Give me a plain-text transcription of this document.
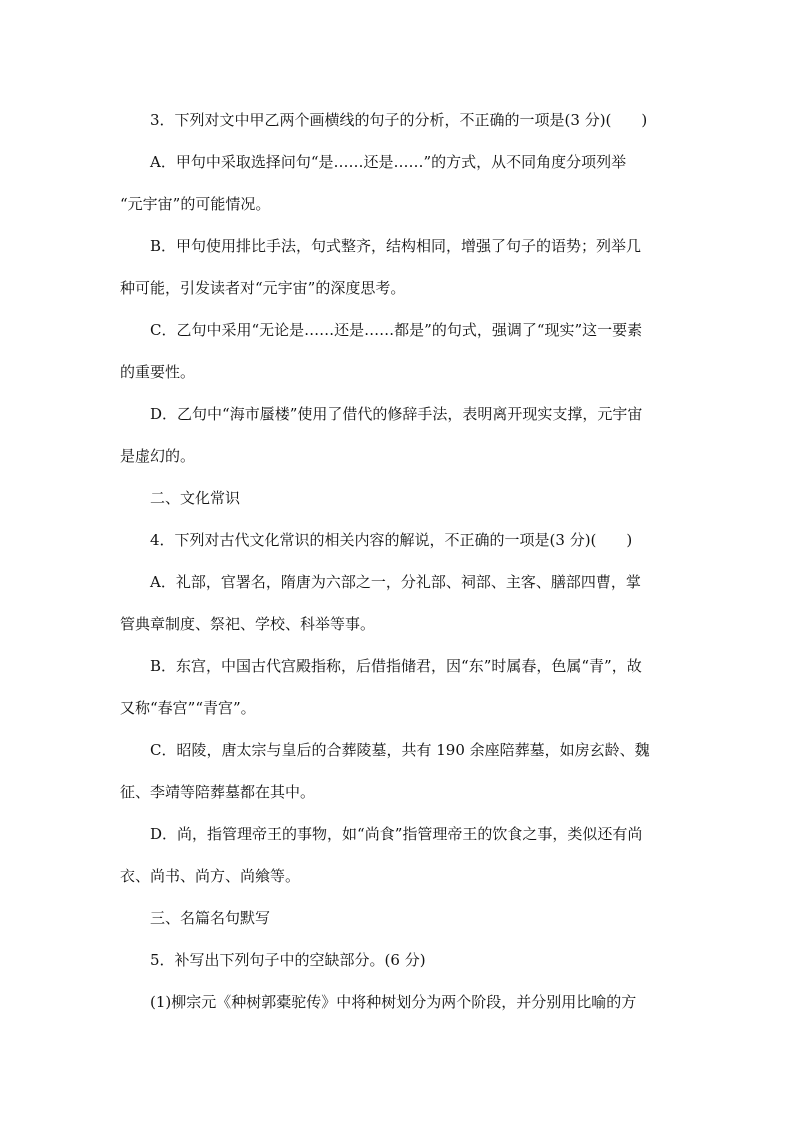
3．下列对文中甲乙两个画横线的句子的分析，不正确的一项是(3 分)(　　)
A．甲句中采取选择问句“是……还是……”的方式，从不同角度分项列举
“元宇宙”的可能情况。
B．甲句使用排比手法，句式整齐，结构相同，增强了句子的语势；列举几
种可能，引发读者对“元宇宙”的深度思考。
C．乙句中采用“无论是……还是……都是”的句式，强调了“现实”这一要素
的重要性。
D．乙句中“海市蜃楼”使用了借代的修辞手法，表明离开现实支撑，元宇宙
是虚幻的。
二、文化常识
4．下列对古代文化常识的相关内容的解说，不正确的一项是(3 分)(　　)
A．礼部，官署名，隋唐为六部之一，分礼部、祠部、主客、膳部四曹，掌
管典章制度、祭祀、学校、科举等事。
B．东宫，中国古代宫殿指称，后借指储君，因“东”时属春，色属“青”，故
又称“春宫”“青宫”。
C．昭陵，唐太宗与皇后的合葬陵墓，共有 190 余座陪葬墓，如房玄龄、魏
征、李靖等陪葬墓都在其中。
D．尚，指管理帝王的事物，如“尚食”指管理帝王的饮食之事，类似还有尚
衣、尚书、尚方、尚飨等。
三、名篇名句默写
5．补写出下列句子中的空缺部分。(6 分)
(1)柳宗元《种树郭橐驼传》中将种树划分为两个阶段，并分别用比喻的方
